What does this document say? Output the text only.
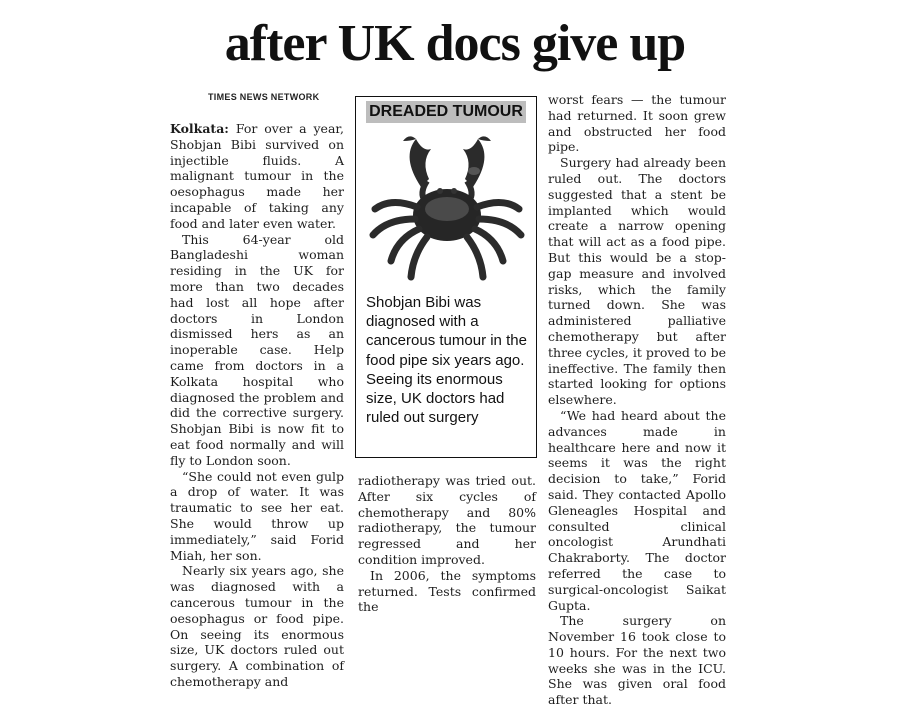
after UK docs give up
TIMES NEWS NETWORK

Kolkata: For over a year, Shobjan Bibi survived on injectible fluids. A malignant tumour in the oesophagus made her incapable of taking any food and later even water.

This 64-year old Bangladeshi woman residing in the UK for more than two decades had lost all hope after doctors in London dismissed hers as an inoperable case. Help came from doctors in a Kolkata hospital who diagnosed the problem and did the corrective surgery. Shobjan Bibi is now fit to eat food normally and will fly to London soon.

“She could not even gulp a drop of water. It was traumatic to see her eat. She would throw up immediately,” said Forid Miah, her son.

Nearly six years ago, she was diagnosed with a cancerous tumour in the oesophagus or food pipe. On seeing its enormous size, UK doctors ruled out surgery. A combination of chemotherapy and

DREADED TUMOUR
Shobjan Bibi was diagnosed with a cancerous tumour in the food pipe six years ago. Seeing its enormous size, UK doctors had ruled out surgery

radiotherapy was tried out. After six cycles of chemotherapy and 80% radiotherapy, the tumour regressed and her condition improved.

In 2006, the symptoms returned. Tests confirmed the

worst fears — the tumour had returned. It soon grew and obstructed her food pipe.

Surgery had already been ruled out. The doctors suggested that a stent be implanted which would create a narrow opening that will act as a food pipe. But this would be a stop-gap measure and involved risks, which the family turned down. She was administered palliative chemotherapy but after three cycles, it proved to be ineffective. The family then started looking for options elsewhere.

“We had heard about the advances made in healthcare here and now it seems it was the right decision to take,” Forid said. They contacted Apollo Gleneagles Hospital and consulted clinical oncologist Arundhati Chakraborty. The doctor referred the case to surgical-oncologist Saikat Gupta.

The surgery on November 16 took close to 10 hours. For the next two weeks she was in the ICU. She was given oral food after that.
